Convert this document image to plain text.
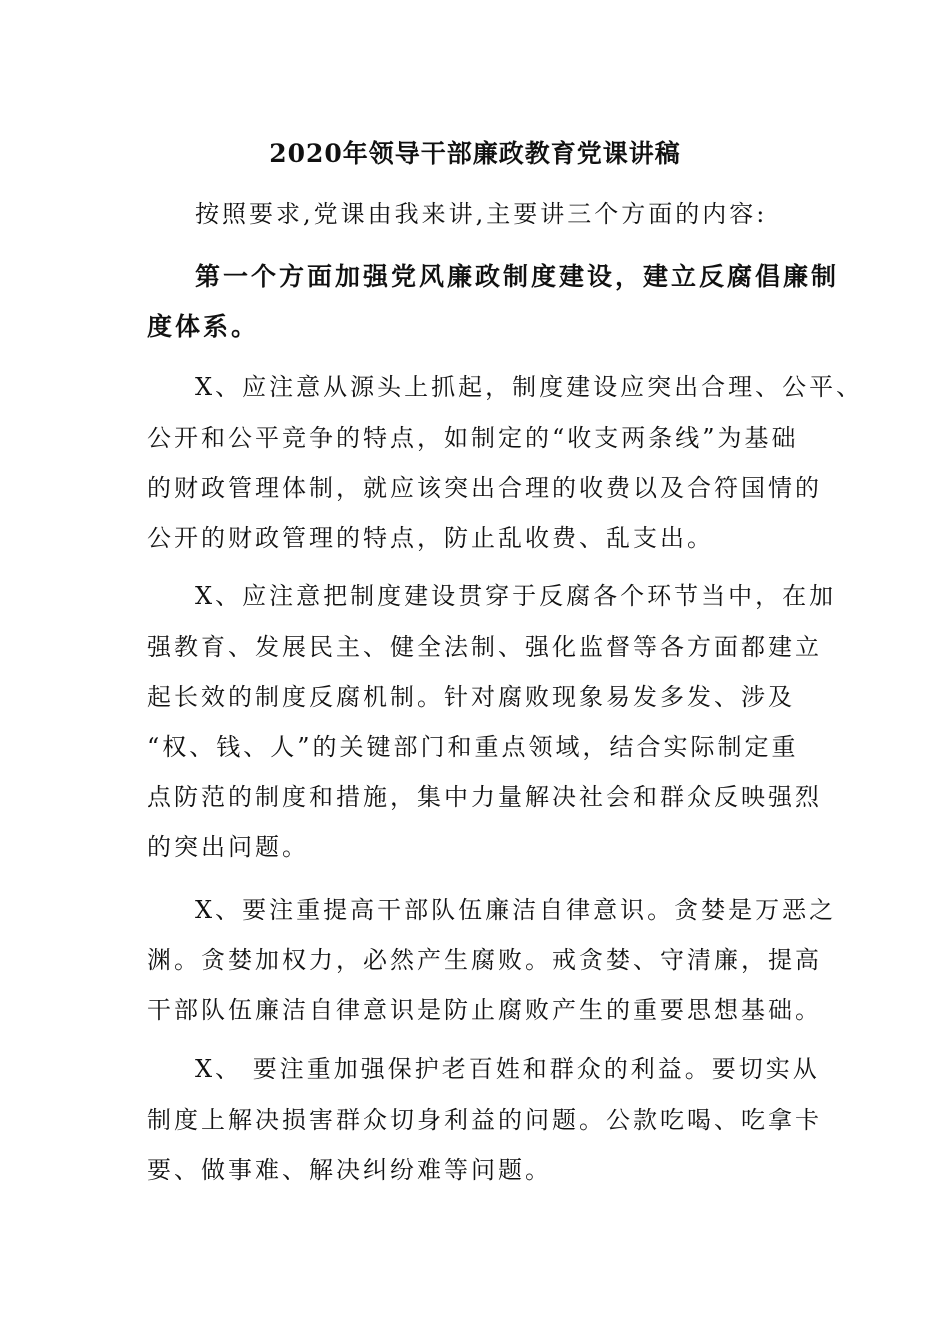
2020年领导干部廉政教育党课讲稿
按照要求,党课由我来讲,主要讲三个方面的内容:
第一个方面加强党风廉政制度建设，建立反腐倡廉制
度体系。
X、应注意从源头上抓起，制度建设应突出合理、公平、
公开和公平竞争的特点，如制定的“收支两条线”为基础
的财政管理体制，就应该突出合理的收费以及合符国情的
公开的财政管理的特点，防止乱收费、乱支出。
X、应注意把制度建设贯穿于反腐各个环节当中，在加
强教育、发展民主、健全法制、强化监督等各方面都建立
起长效的制度反腐机制。针对腐败现象易发多发、涉及
“权、钱、人”的关键部门和重点领域，结合实际制定重
点防范的制度和措施，集中力量解决社会和群众反映强烈
的突出问题。
X、要注重提高干部队伍廉洁自律意识。贪婪是万恶之
渊。贪婪加权力，必然产生腐败。戒贪婪、守清廉，提高
干部队伍廉洁自律意识是防止腐败产生的重要思想基础。
X、 要注重加强保护老百姓和群众的利益。要切实从
制度上解决损害群众切身利益的问题。公款吃喝、吃拿卡
要、做事难、解决纠纷难等问题。
